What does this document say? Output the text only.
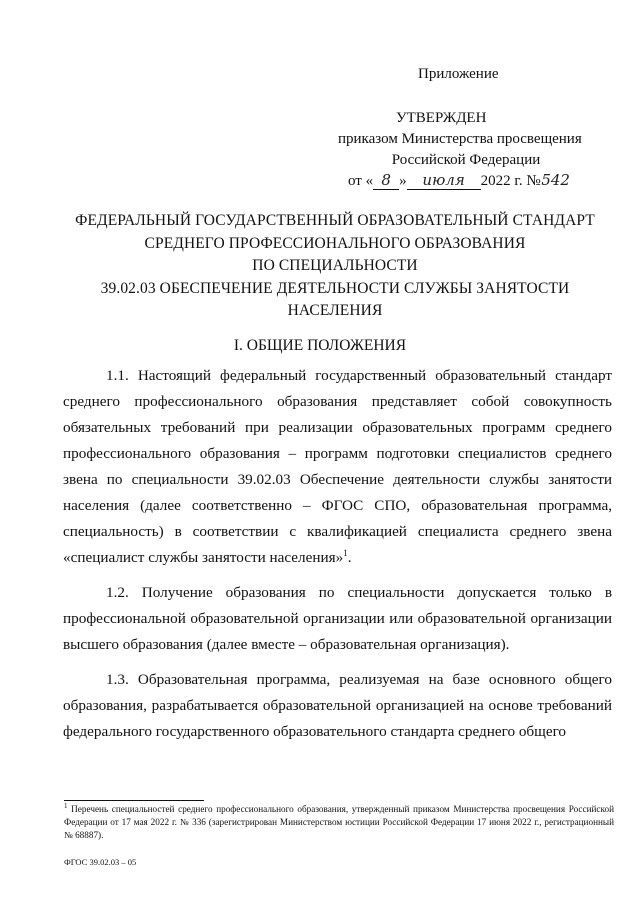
Приложение
УТВЕРЖДЕН
приказом Министерства просвещения
Российской Федерации
от « 8 » июля 2022 г. №542
ФЕДЕРАЛЬНЫЙ ГОСУДАРСТВЕННЫЙ ОБРАЗОВАТЕЛЬНЫЙ СТАНДАРТ
СРЕДНЕГО ПРОФЕССИОНАЛЬНОГО ОБРАЗОВАНИЯ
ПО СПЕЦИАЛЬНОСТИ
39.02.03 ОБЕСПЕЧЕНИЕ ДЕЯТЕЛЬНОСТИ СЛУЖБЫ ЗАНЯТОСТИ
НАСЕЛЕНИЯ
I. ОБЩИЕ ПОЛОЖЕНИЯ

1.1. Настоящий федеральный государственный образовательный стандарт среднего профессионального образования представляет собой совокупность обязательных требований при реализации образовательных программ среднего профессионального образования – программ подготовки специалистов среднего звена по специальности 39.02.03 Обеспечение деятельности службы занятости населения (далее соответственно – ФГОС СПО, образовательная программа, специальность) в соответствии с квалификацией специалиста среднего звена «специалист службы занятости населения»$^1$.

1.2. Получение образования по специальности допускается только в профессиональной образовательной организации или образовательной организации высшего образования (далее вместе – образовательная организация).

1.3. Образовательная программа, реализуемая на базе основного общего образования, разрабатывается образовательной организацией на основе требований федерального государственного образовательного стандарта среднего общего

$^1$ Перечень специальностей среднего профессионального образования, утвержденный приказом Министерства просвещения Российской Федерации от 17 мая 2022 г. № 336 (зарегистрирован Министерством юстиции Российской Федерации 17 июня 2022 г., регистрационный № 68887).
ФГОС 39.02.03 – 05
